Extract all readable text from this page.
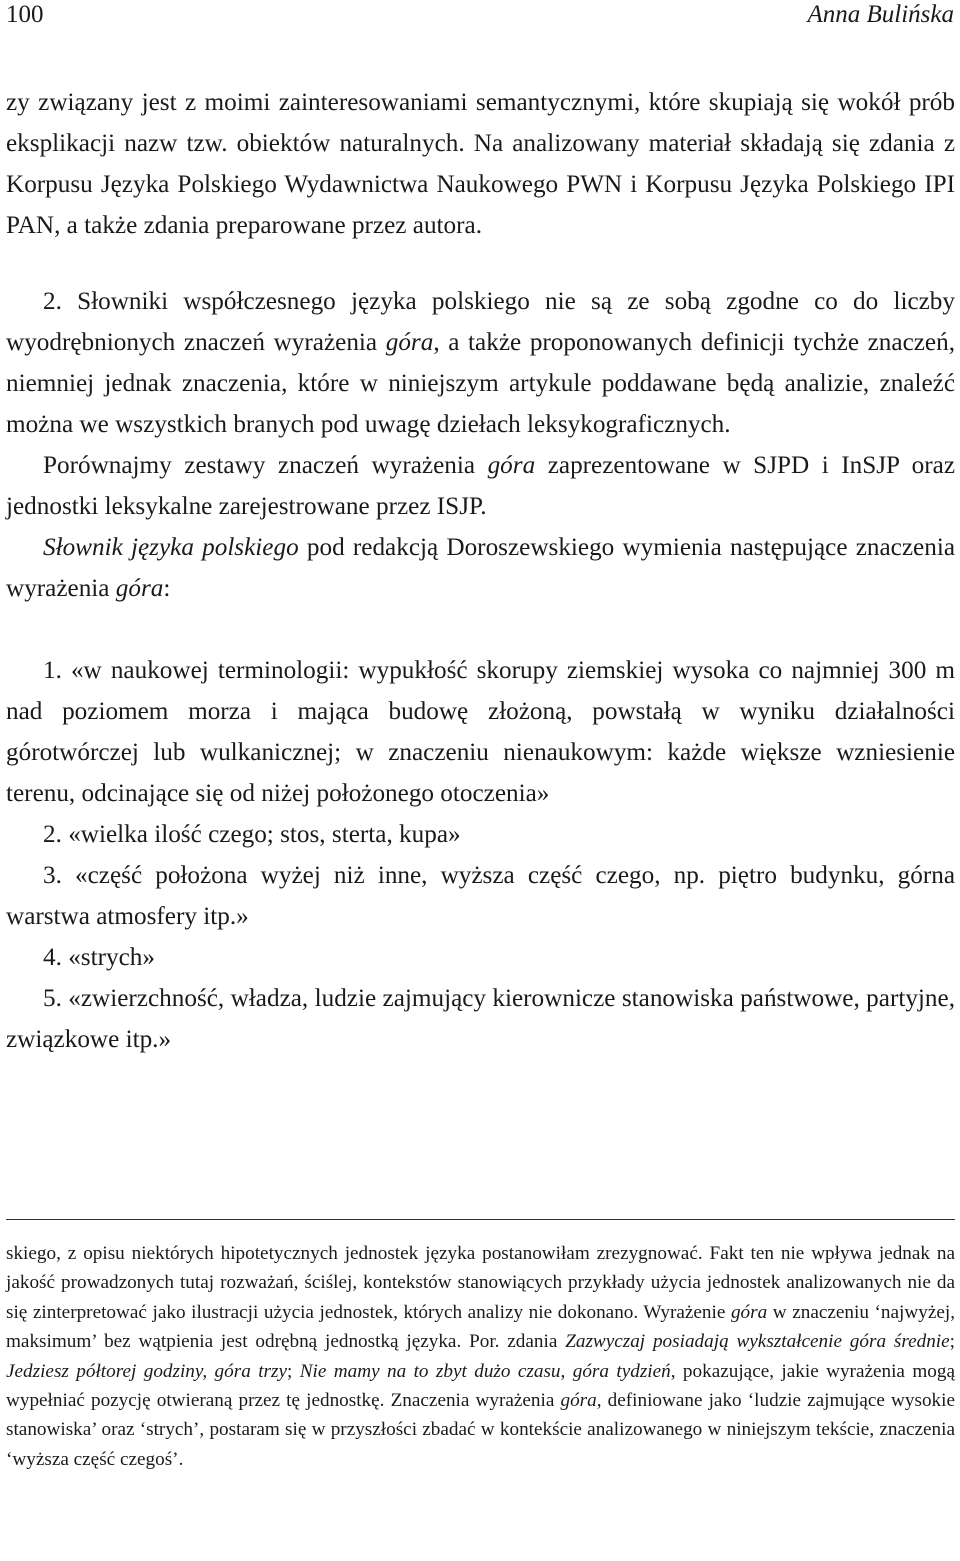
100	Anna Bulińska

zy związany jest z moimi zainteresowaniami semantycznymi, które skupiają się wokół prób eksplikacji nazw tzw. obiektów naturalnych. Na analizowany materiał składają się zdania z Korpusu Języka Polskiego Wydawnictwa Naukowego PWN i Korpusu Języka Polskiego IPI PAN, a także zdania preparowane przez autora.

2. Słowniki współczesnego języka polskiego nie są ze sobą zgodne co do liczby wyodrębnionych znaczeń wyrażenia góra, a także proponowanych definicji tychże znaczeń, niemniej jednak znaczenia, które w niniejszym artykule poddawane będą analizie, znaleźć można we wszystkich branych pod uwagę dziełach leksykograficznych.

Porównajmy zestawy znaczeń wyrażenia góra zaprezentowane w SJPD i InSJP oraz jednostki leksykalne zarejestrowane przez ISJP.

Słownik języka polskiego pod redakcją Doroszewskiego wymienia następujące znaczenia wyrażenia góra:

1. «w naukowej terminologii: wypukłość skorupy ziemskiej wysoka co najmniej 300 m nad poziomem morza i mająca budowę złożoną, powstałą w wyniku działalności górotwórczej lub wulkanicznej; w znaczeniu nienaukowym: każde większe wzniesienie terenu, odcinające się od niżej położonego otoczenia»

2. «wielka ilość czego; stos, sterta, kupa»

3. «część położona wyżej niż inne, wyższa część czego, np. piętro budynku, górna warstwa atmosfery itp.»

4. «strych»

5. «zwierzchność, władza, ludzie zajmujący kierownicze stanowiska państwowe, partyjne, związkowe itp.»

skiego, z opisu niektórych hipotetycznych jednostek języka postanowiłam zrezygnować. Fakt ten nie wpływa jednak na jakość prowadzonych tutaj rozważań, ściślej, kontekstów stanowiących przykłady użycia jednostek analizowanych nie da się zinterpretować jako ilustracji użycia jednostek, których analizy nie dokonano. Wyrażenie góra w znaczeniu ‘najwyżej, maksimum’ bez wątpienia jest odrębną jednostką języka. Por. zdania Zazwyczaj posiadają wykształcenie góra średnie; Jedziesz półtorej godziny, góra trzy; Nie mamy na to zbyt dużo czasu, góra tydzień, pokazujące, jakie wyrażenia mogą wypełniać pozycję otwieraną przez tę jednostkę. Znaczenia wyrażenia góra, definiowane jako ‘ludzie zajmujące wysokie stanowiska’ oraz ‘strych’, postaram się w przyszłości zbadać w kontekście analizowanego w niniejszym tekście, znaczenia ‘wyższa część czegoś’.
